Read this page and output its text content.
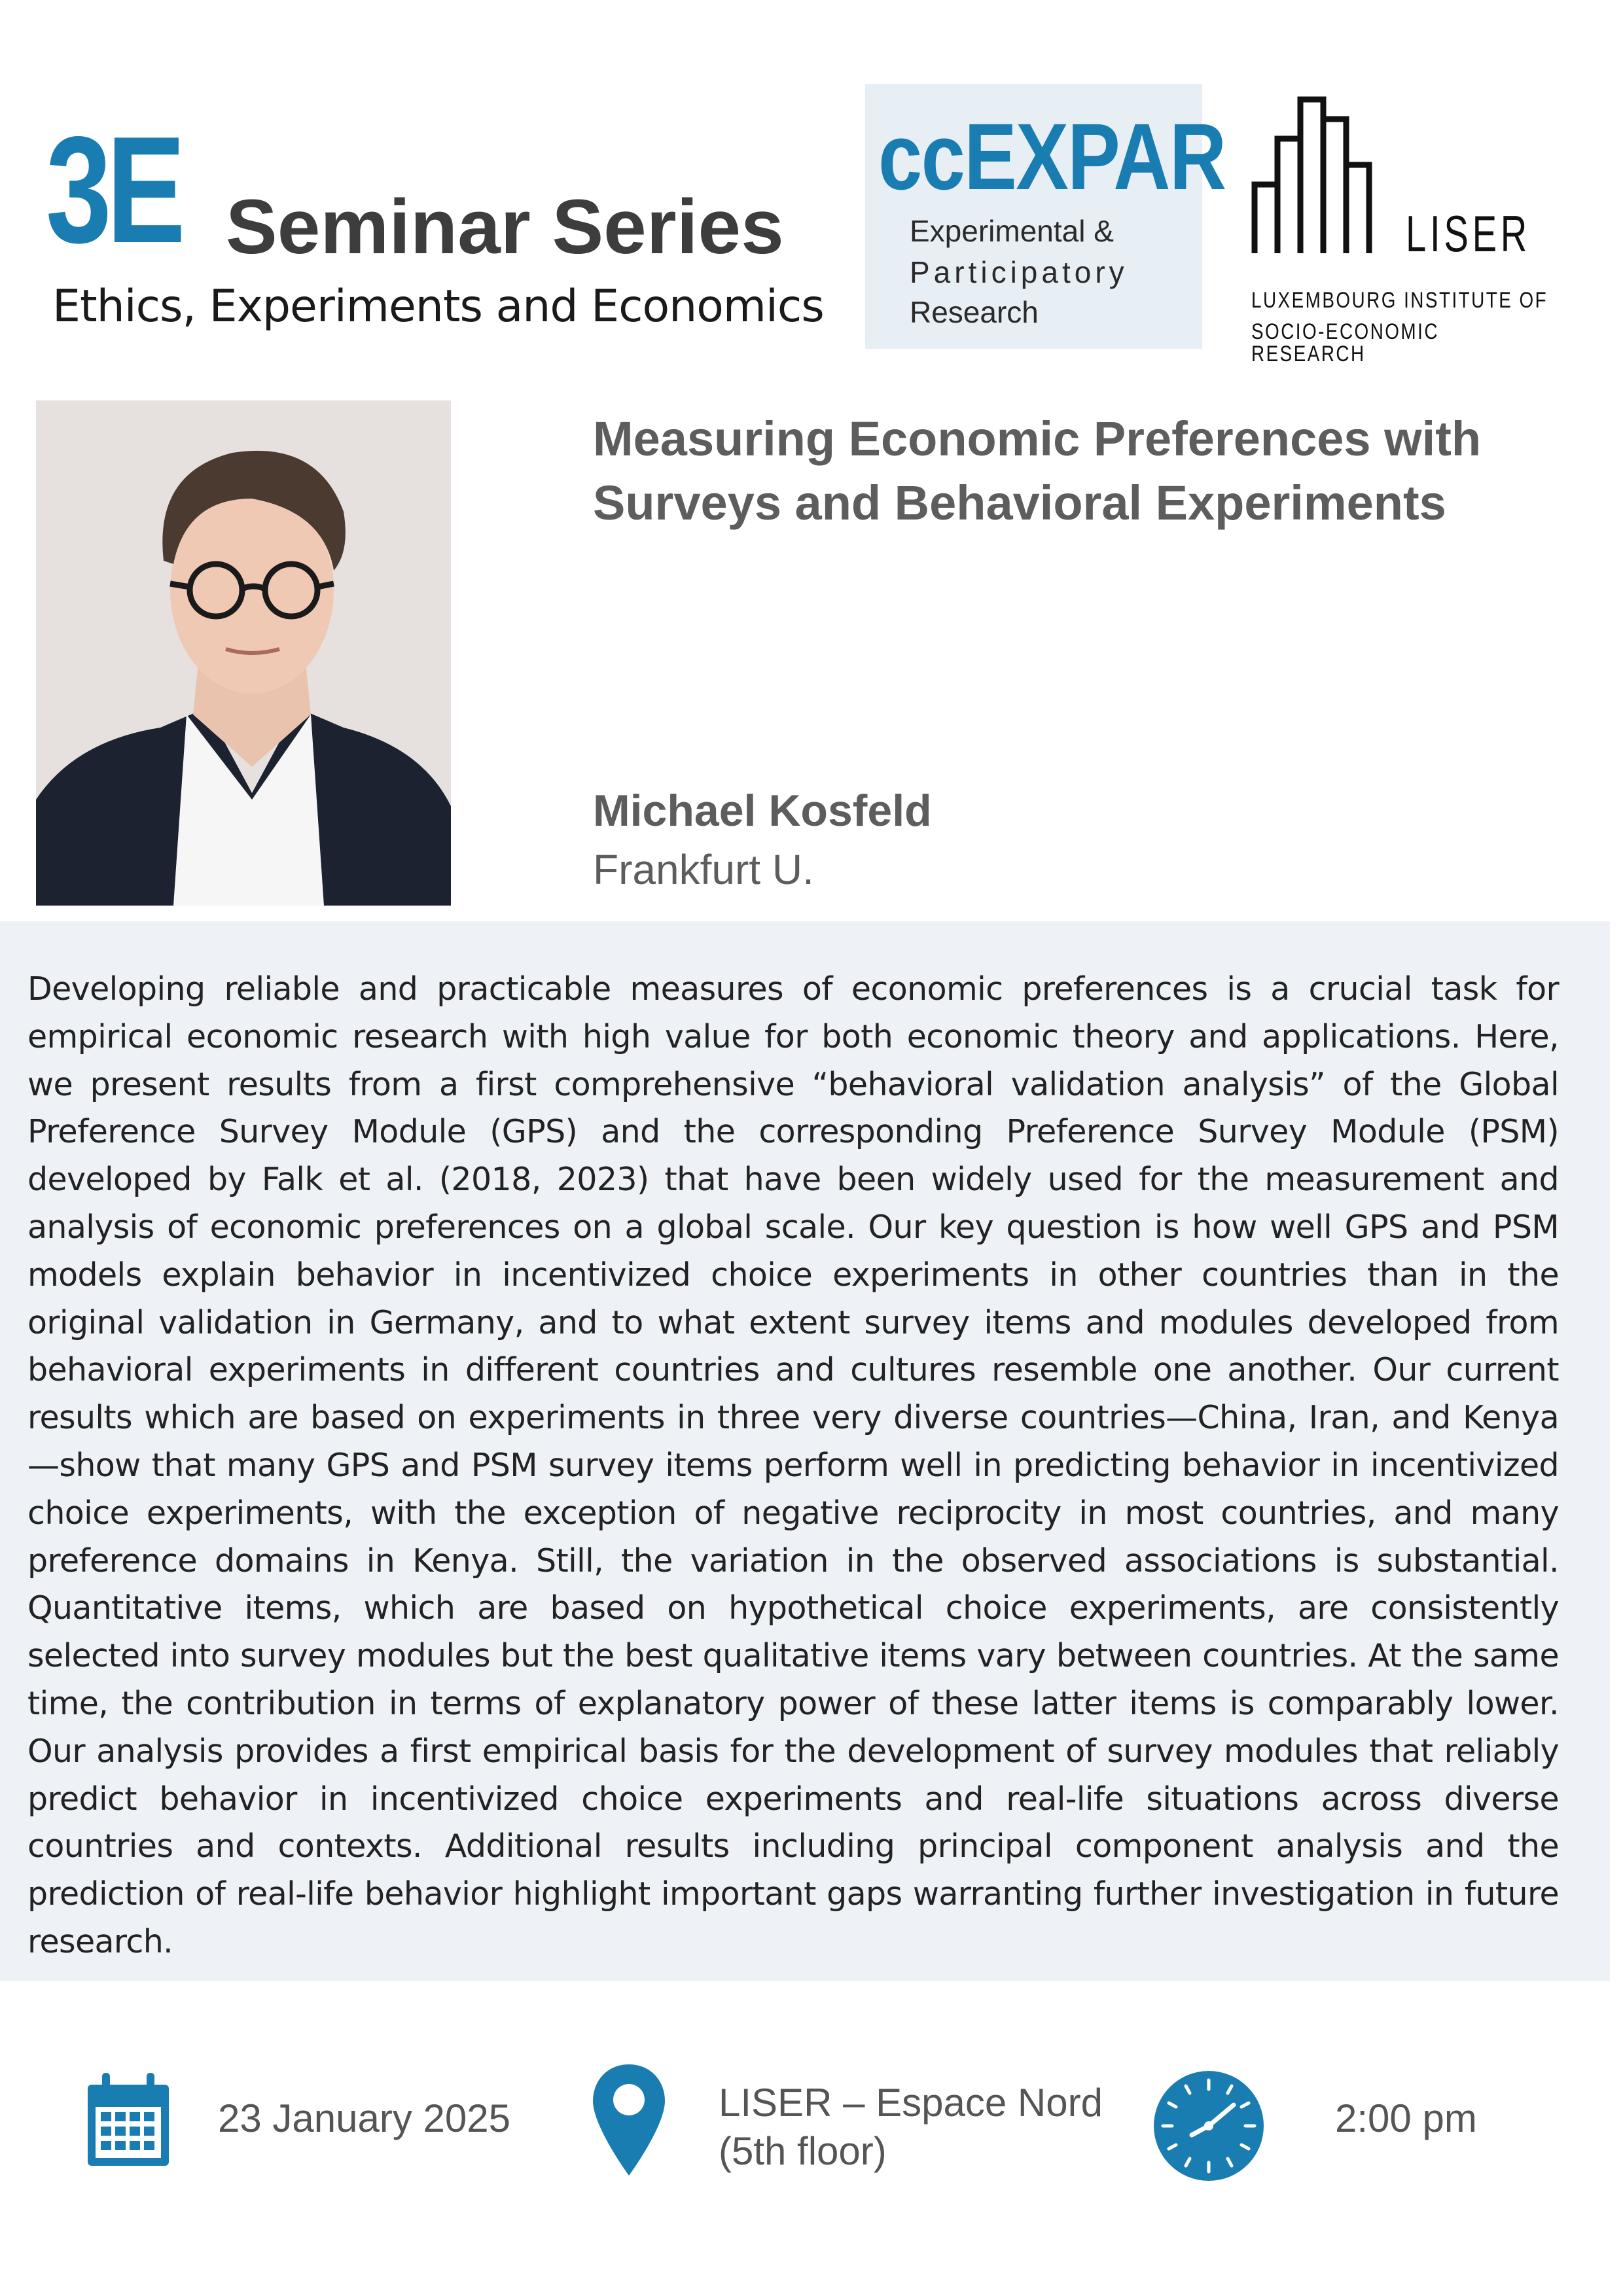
3E Seminar Series
Ethics, Experiments and Economics
ccEXPAR
Experimental &
Participatory
Research
LISER
LUXEMBOURG INSTITUTE OF
SOCIO-ECONOMIC RESEARCH
Measuring Economic Preferences with Surveys and Behavioral Experiments
Michael Kosfeld
Frankfurt U.

Developing reliable and practicable measures of economic preferences is a crucial task for empirical economic research with high value for both economic theory and applications. Here, we present results from a first comprehensive “behavioral validation analysis” of the Global Preference Survey Module (GPS) and the corresponding Preference Survey Module (PSM) developed by Falk et al. (2018, 2023) that have been widely used for the measurement and analysis of economic preferences on a global scale. Our key question is how well GPS and PSM models explain behavior in incentivized choice experiments in other countries than in the original validation in Germany, and to what extent survey items and modules developed from behavioral experiments in different countries and cultures resemble one another. Our current results which are based on experiments in three very diverse countries—China, Iran, and Kenya—show that many GPS and PSM survey items perform well in predicting behavior in incentivized choice experiments, with the exception of negative reciprocity in most countries, and many preference domains in Kenya. Still, the variation in the observed associations is substantial. Quantitative items, which are based on hypothetical choice experiments, are consistently selected into survey modules but the best qualitative items vary between countries. At the same time, the contribution in terms of explanatory power of these latter items is comparably lower. Our analysis provides a first empirical basis for the development of survey modules that reliably predict behavior in incentivized choice experiments and real-life situations across diverse countries and contexts. Additional results including principal component analysis and the prediction of real-life behavior highlight important gaps warranting further investigation in future research.

23 January 2025	LISER – Espace Nord
(5th floor)
2:00 pm
